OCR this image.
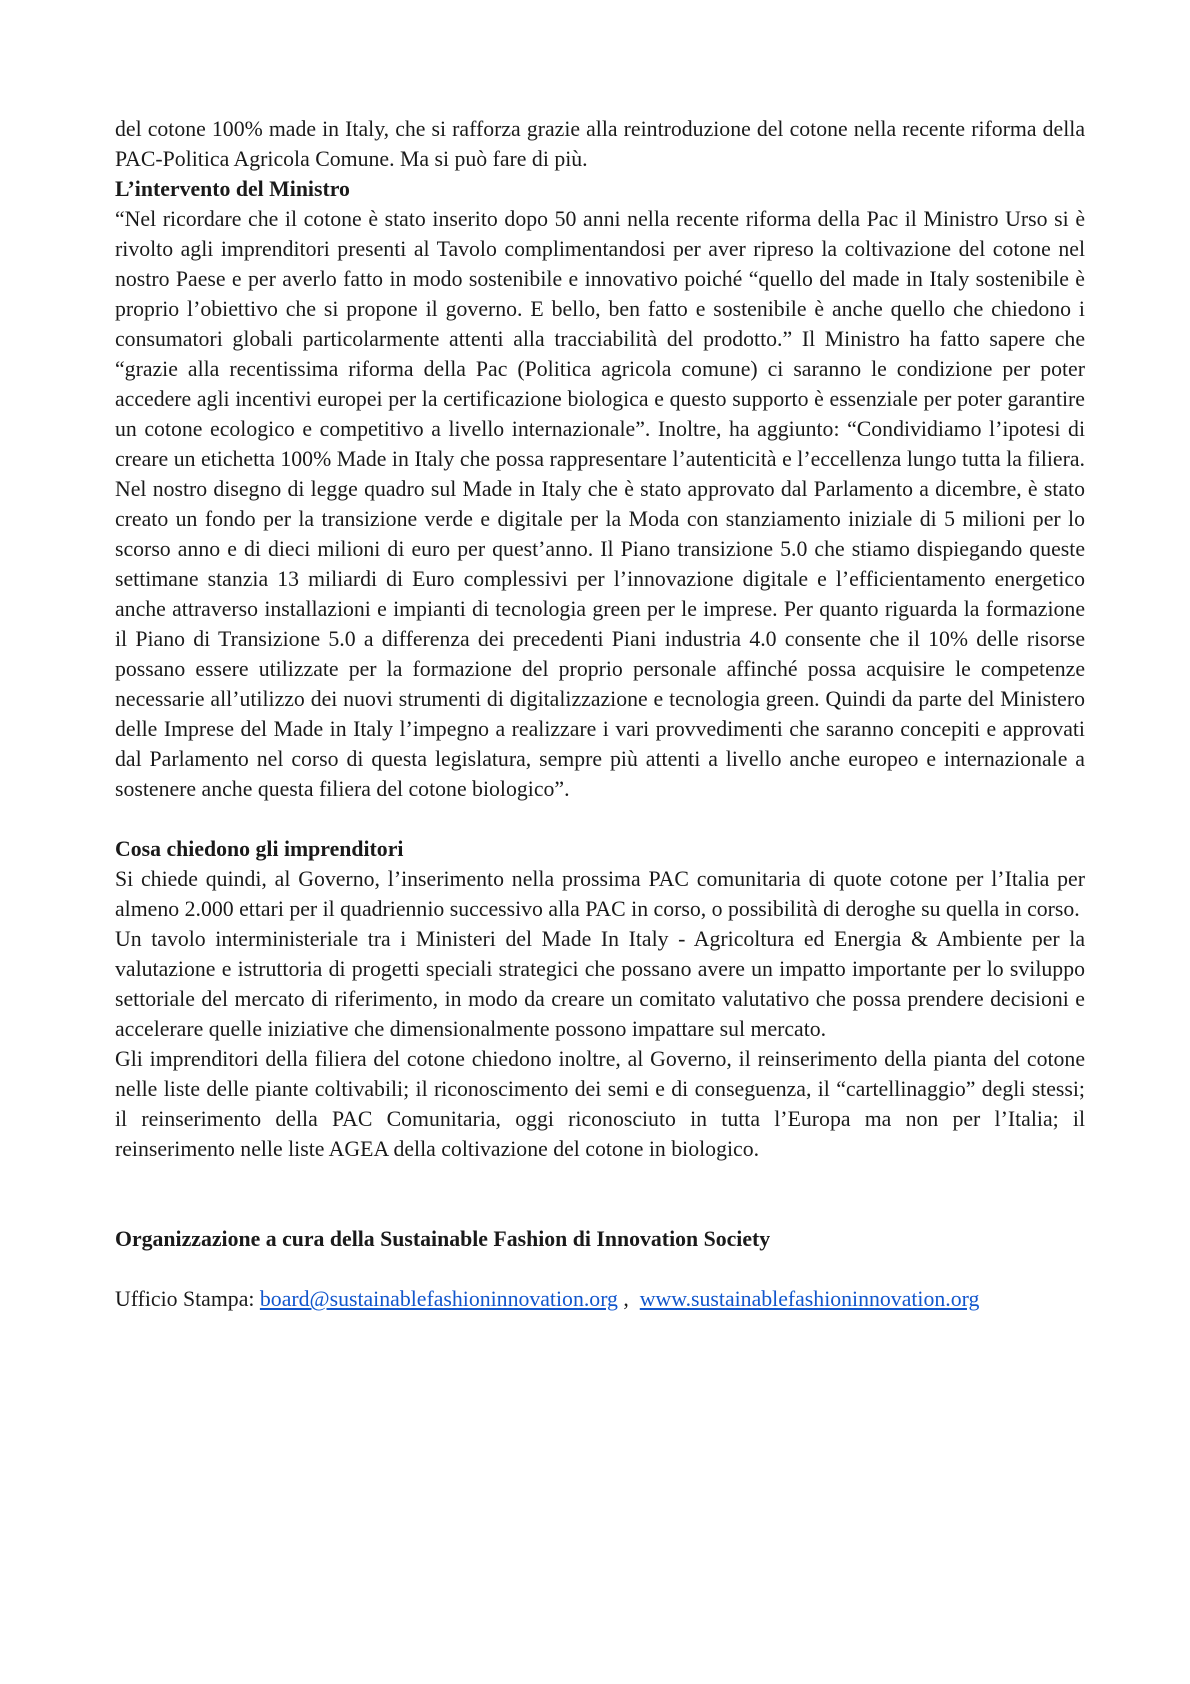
del cotone 100% made in Italy, che si rafforza grazie alla reintroduzione del cotone nella recente riforma della PAC-Politica Agricola Comune. Ma si può fare di più.

L’intervento del Ministro

“Nel ricordare che il cotone è stato inserito dopo 50 anni nella recente riforma della Pac il Ministro Urso si è rivolto agli imprenditori presenti al Tavolo complimentandosi per aver ripreso la coltivazione del cotone nel nostro Paese e per averlo fatto in modo sostenibile e innovativo poiché “quello del made in Italy sostenibile è proprio l’obiettivo che si propone il governo. E bello, ben fatto e sostenibile è anche quello che chiedono i consumatori globali particolarmente attenti alla tracciabilità del prodotto.” Il Ministro ha fatto sapere che “grazie alla recentissima riforma della Pac (Politica agricola comune) ci saranno le condizione per poter accedere agli incentivi europei per la certificazione biologica e questo supporto è essenziale per poter garantire un cotone ecologico e competitivo a livello internazionale”. Inoltre, ha aggiunto: “Condividiamo l’ipotesi di creare un etichetta 100% Made in Italy che possa rappresentare l’autenticità e l’eccellenza lungo tutta la filiera. Nel nostro disegno di legge quadro sul Made in Italy che è stato approvato dal Parlamento a dicembre, è stato creato un fondo per la transizione verde e digitale per la Moda con stanziamento iniziale di 5 milioni per lo scorso anno e di dieci milioni di euro per quest’anno. Il Piano transizione 5.0 che stiamo dispiegando queste settimane stanzia 13 miliardi di Euro complessivi per l’innovazione digitale e l’efficientamento energetico anche attraverso installazioni e impianti di tecnologia green per le imprese. Per quanto riguarda la formazione il Piano di Transizione 5.0 a differenza dei precedenti Piani industria 4.0 consente che il 10% delle risorse possano essere utilizzate per la formazione del proprio personale affinché possa acquisire le competenze necessarie all’utilizzo dei nuovi strumenti di digitalizzazione e tecnologia green. Quindi da parte del Ministero delle Imprese del Made in Italy l’impegno a realizzare i vari provvedimenti che saranno concepiti e approvati dal Parlamento nel corso di questa legislatura, sempre più attenti a livello anche europeo e internazionale a sostenere anche questa filiera del cotone biologico”.

Cosa chiedono gli imprenditori

Si chiede quindi, al Governo, l’inserimento nella prossima PAC comunitaria di quote cotone per l’Italia per almeno 2.000 ettari per il quadriennio successivo alla PAC in corso, o possibilità di deroghe su quella in corso.

Un tavolo interministeriale tra i Ministeri del Made In Italy - Agricoltura ed Energia & Ambiente per la valutazione e istruttoria di progetti speciali strategici che possano avere un impatto importante per lo sviluppo settoriale del mercato di riferimento, in modo da creare un comitato valutativo che possa prendere decisioni e accelerare quelle iniziative che dimensionalmente possono impattare sul mercato.

Gli imprenditori della filiera del cotone chiedono inoltre, al Governo, il reinserimento della pianta del cotone nelle liste delle piante coltivabili; il riconoscimento dei semi e di conseguenza, il “cartellinaggio” degli stessi; il reinserimento della PAC Comunitaria, oggi riconosciuto in tutta l’Europa ma non per l’Italia; il reinserimento nelle liste AGEA della coltivazione del cotone in biologico.

Organizzazione a cura della Sustainable Fashion di Innovation Society

Ufficio Stampa: board@sustainablefashioninnovation.org ,  www.sustainablefashioninnovation.org
